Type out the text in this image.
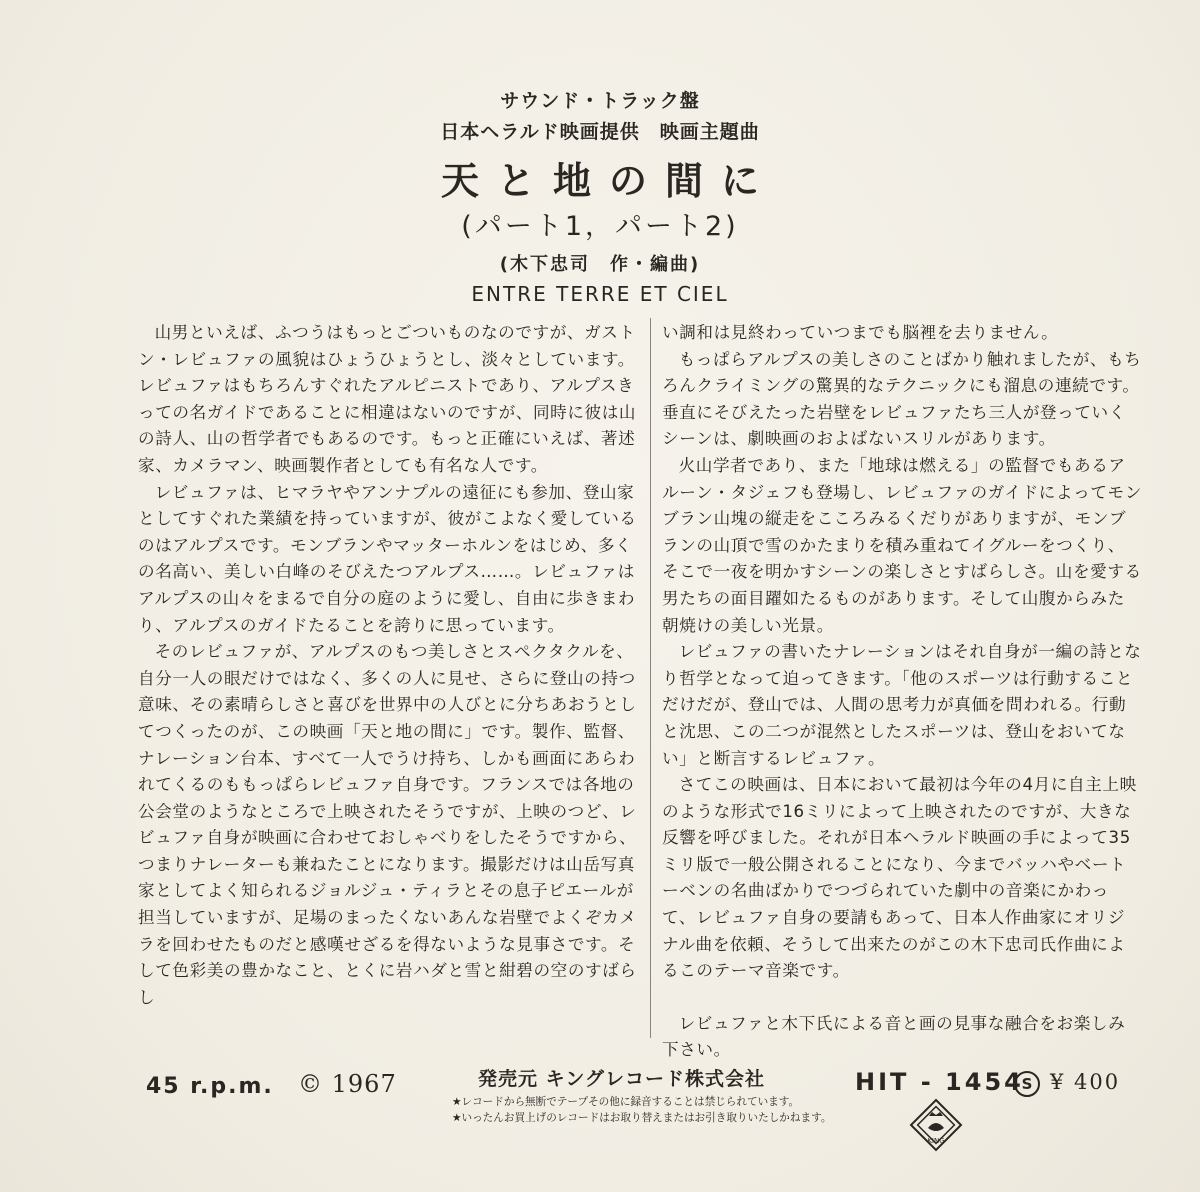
サウンド・トラック盤
日本ヘラルド映画提供　映画主題曲
天と地の間に
(パート1，パート2)
(木下忠司　作・編曲)
ENTRE TERRE ET CIEL

山男といえば、ふつうはもっとごついものなのですが、ガストン・レビュファの風貌はひょうひょうとし、淡々としています。レビュファはもちろんすぐれたアルピニストであり、アルプスきっての名ガイドであることに相違はないのですが、同時に彼は山の詩人、山の哲学者でもあるのです。もっと正確にいえば、著述家、カメラマン、映画製作者としても有名な人です。

レビュファは、ヒマラヤやアンナプルの遠征にも参加、登山家としてすぐれた業績を持っていますが、彼がこよなく愛しているのはアルプスです。モンブランやマッターホルンをはじめ、多くの名高い、美しい白峰のそびえたつアルプス……。レビュファはアルプスの山々をまるで自分の庭のように愛し、自由に歩きまわり、アルプスのガイドたることを誇りに思っています。

そのレビュファが、アルプスのもつ美しさとスペクタクルを、自分一人の眼だけではなく、多くの人に見せ、さらに登山の持つ意味、その素晴らしさと喜びを世界中の人びとに分ちあおうとしてつくったのが、この映画「天と地の間に」です。製作、監督、ナレーション台本、すべて一人でうけ持ち、しかも画面にあらわれてくるのももっぱらレビュファ自身です。フランスでは各地の公会堂のようなところで上映されたそうですが、上映のつど、レビュファ自身が映画に合わせておしゃべりをしたそうですから、つまりナレーターも兼ねたことになります。撮影だけは山岳写真家としてよく知られるジョルジュ・ティラとその息子ピエールが担当していますが、足場のまったくないあんな岩壁でよくぞカメラを回わせたものだと感嘆せざるを得ないような見事さです。そして色彩美の豊かなこと、とくに岩ハダと雪と紺碧の空のすばらし

い調和は見終わっていつまでも脳裡を去りません。

もっぱらアルプスの美しさのことばかり触れましたが、もちろんクライミングの驚異的なテクニックにも溜息の連続です。垂直にそびえたった岩壁をレビュファたち三人が登っていくシーンは、劇映画のおよばないスリルがあります。

火山学者であり、また「地球は燃える」の監督でもあるアルーン・タジェフも登場し、レビュファのガイドによってモンブラン山塊の縦走をこころみるくだりがありますが、モンブランの山頂で雪のかたまりを積み重ねてイグルーをつくり、そこで一夜を明かすシーンの楽しさとすばらしさ。山を愛する男たちの面目躍如たるものがあります。そして山腹からみた朝焼けの美しい光景。

レビュファの書いたナレーションはそれ自身が一編の詩となり哲学となって迫ってきます。「他のスポーツは行動することだけだが、登山では、人間の思考力が真価を問われる。行動と沈思、この二つが混然としたスポーツは、登山をおいてない」と断言するレビュファ。

さてこの映画は、日本において最初は今年の4月に自主上映のような形式で16ミリによって上映されたのですが、大きな反響を呼びました。それが日本ヘラルド映画の手によって35ミリ版で一般公開されることになり、今までバッハやベートーベンの名曲ばかりでつづられていた劇中の音楽にかわって、レビュファ自身の要請もあって、日本人作曲家にオリジナル曲を依頼、そうして出来たのがこの木下忠司氏作曲によるこのテーマ音楽です。

レビュファと木下氏による音と画の見事な融合をお楽しみ下さい。

45 r.p.m. © 1967	発売元 キングレコード株式会社
★レコードから無断でテープその他に録音することは禁じられています。
★いったんお買上げのレコードはお取り替えまたはお引き取りいたしかねます。
HIT - 1454
S ¥ 400
KING
